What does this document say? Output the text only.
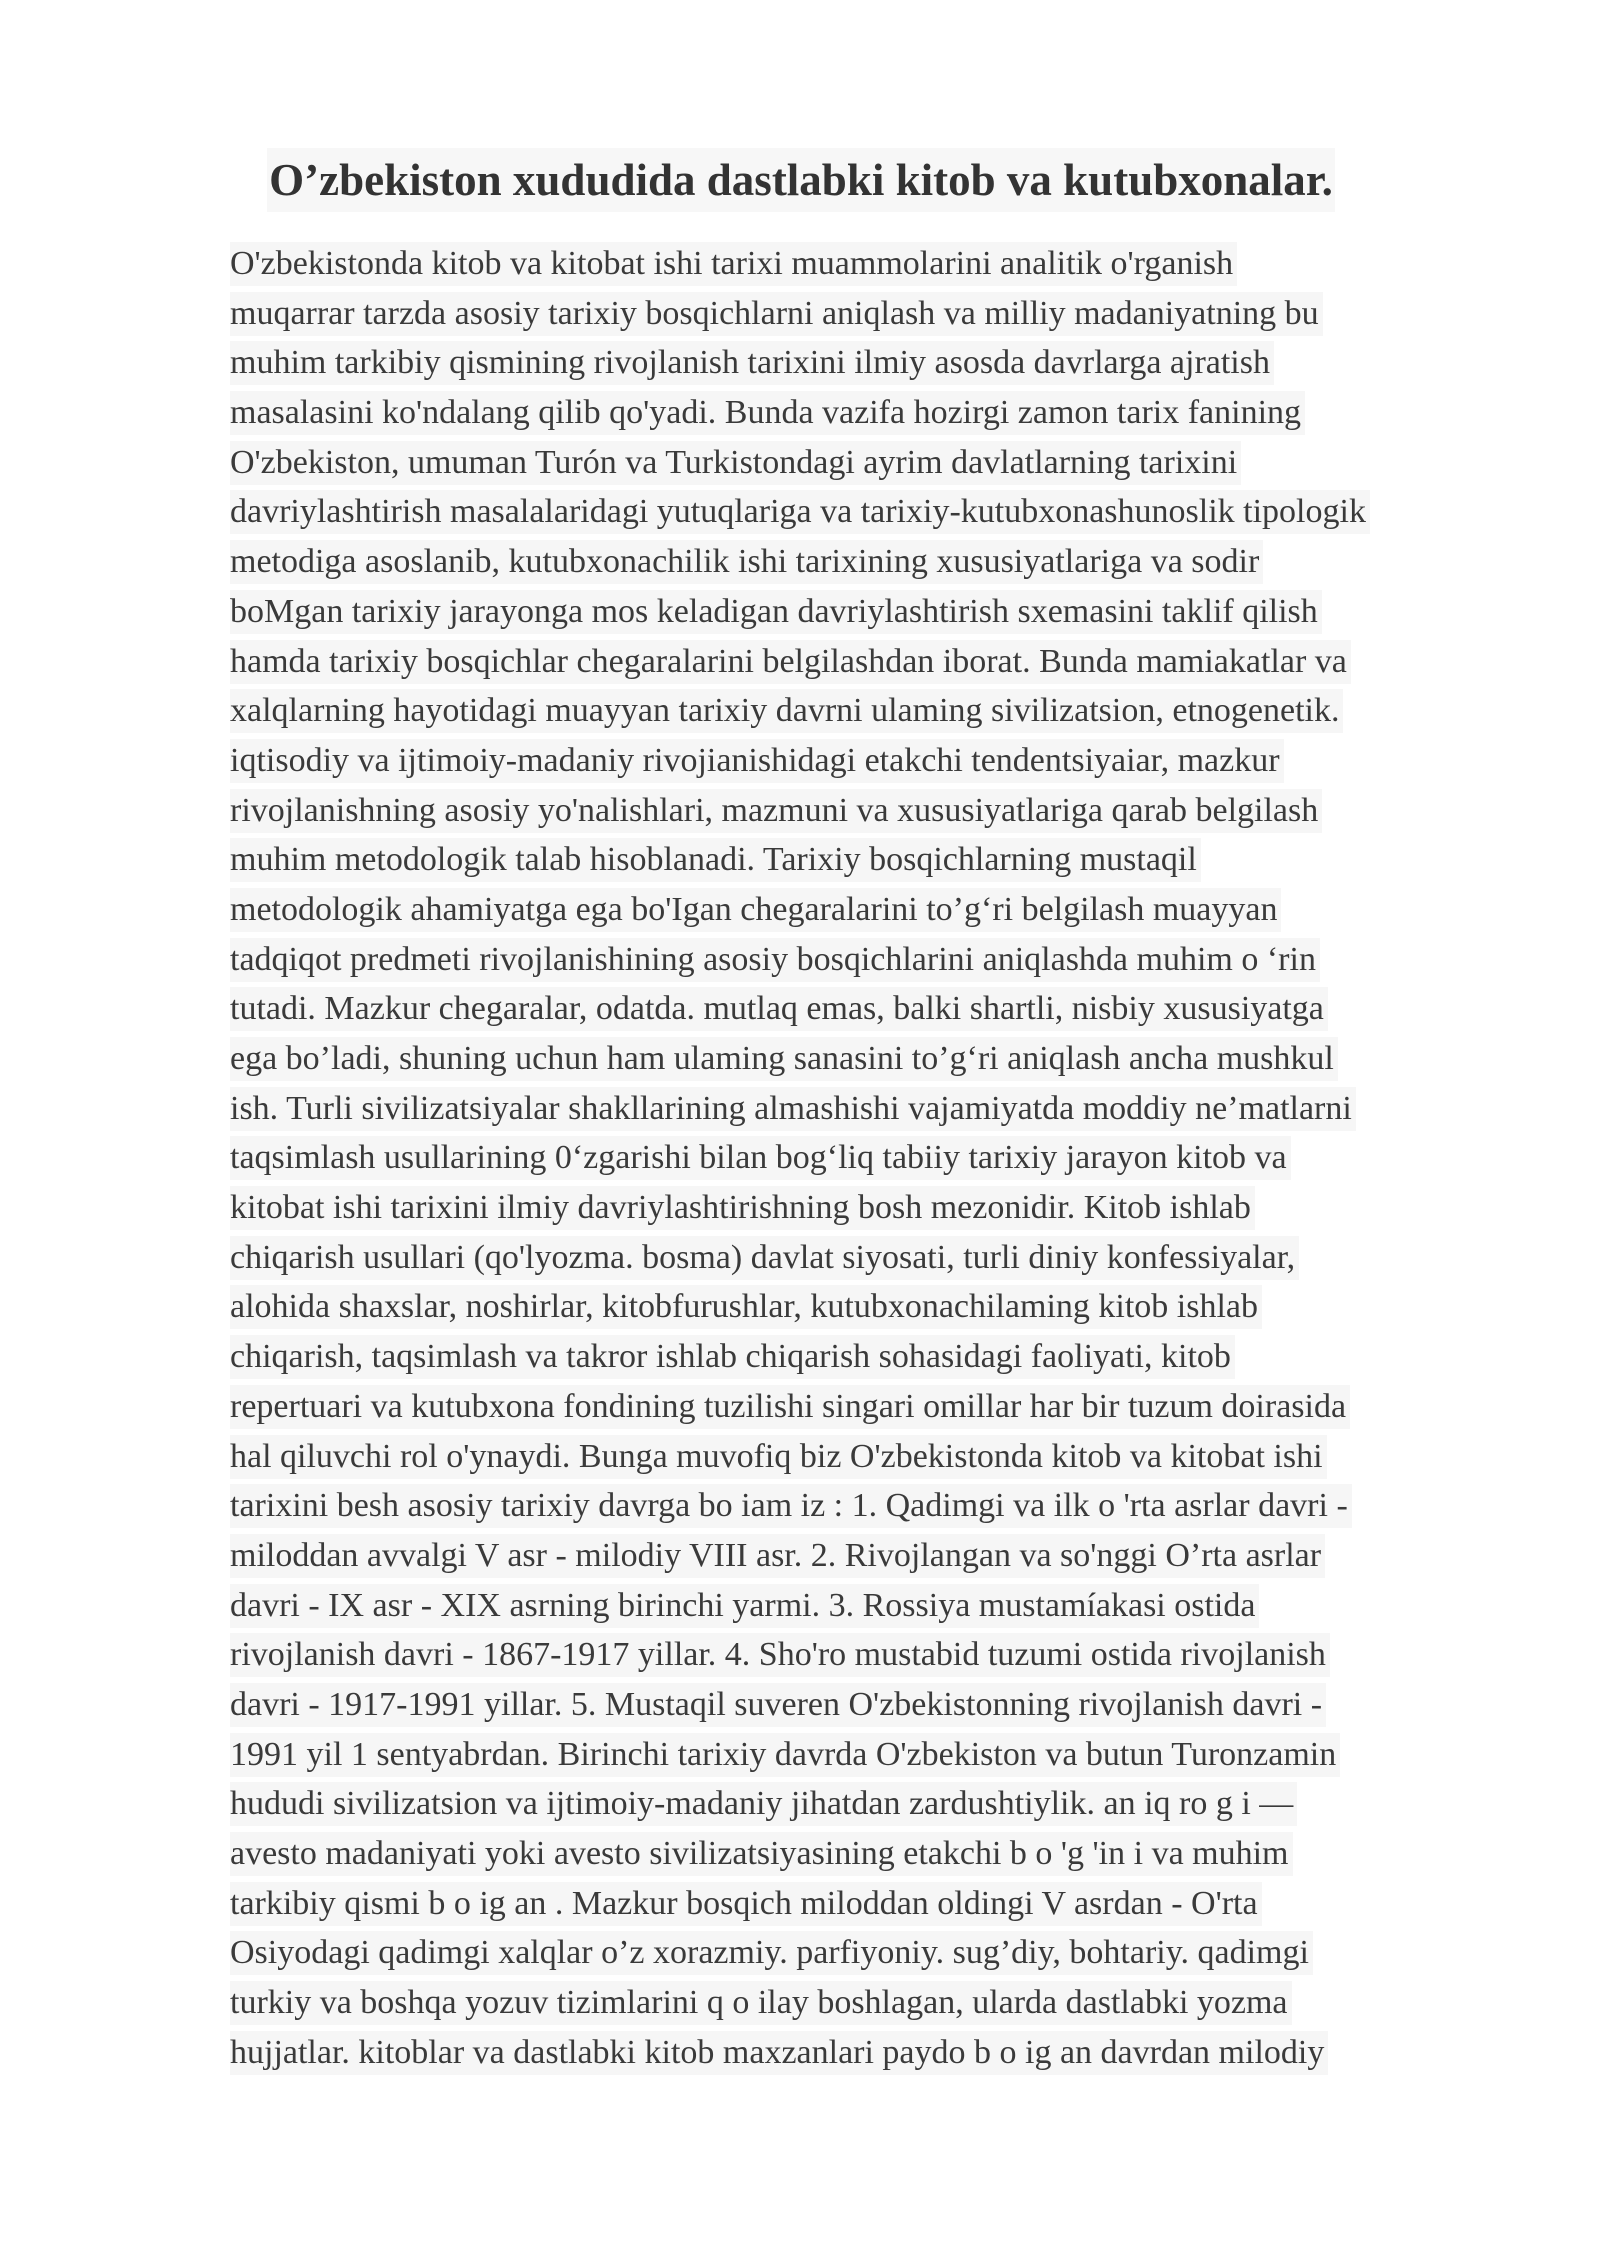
O’zbekiston xududida dastlabki kitob va kutubxonalar.
O'zbekistonda kitob va kitobat ishi tarixi muammolarini analitik o'rganish
muqarrar tarzda asosiy tarixiy bosqichlarni aniqlash va milliy madaniyatning bu
muhim tarkibiy qismining rivojlanish tarixini ilmiy asosda davrlarga ajratish
masalasini ko'ndalang qilib qo'yadi. Bunda vazifa hozirgi zamon tarix fanining
O'zbekiston, umuman Turón va Turkistondagi ayrim davlatlarning tarixini
davriylashtirish masalalaridagi yutuqlariga va tarixiy-kutubxonashunoslik tipologik
metodiga asoslanib, kutubxonachilik ishi tarixining xususiyatlariga va sodir
boMgan tarixiy jarayonga mos keladigan davriylashtirish sxemasini taklif qilish
hamda tarixiy bosqichlar chegaralarini belgilashdan iborat. Bunda mamiakatlar va
xalqlarning hayotidagi muayyan tarixiy davrni ulaming sivilizatsion, etnogenetik.
iqtisodiy va ijtimoiy-madaniy rivojianishidagi etakchi tendentsiyaiar, mazkur
rivojlanishning asosiy yo'nalishlari, mazmuni va xususiyatlariga qarab belgilash
muhim metodologik talab hisoblanadi. Tarixiy bosqichlarning mustaqil
metodologik ahamiyatga ega bo'Igan chegaralarini to’g‘ri belgilash muayyan
tadqiqot predmeti rivojlanishining asosiy bosqichlarini aniqlashda muhim o ‘rin
tutadi. Mazkur chegaralar, odatda. mutlaq emas, balki shartli, nisbiy xususiyatga
ega bo’ladi, shuning uchun ham ulaming sanasini to’g‘ri aniqlash ancha mushkul
ish. Turli sivilizatsiyalar shakllarining almashishi vajamiyatda moddiy ne’matlarni
taqsimlash usullarining 0‘zgarishi bilan bog‘liq tabiiy tarixiy jarayon kitob va
kitobat ishi tarixini ilmiy davriylashtirishning bosh mezonidir. Kitob ishlab
chiqarish usullari (qo'lyozma. bosma) davlat siyosati, turli diniy konfessiyalar,
alohida shaxslar, noshirlar, kitobfurushlar, kutubxonachilaming kitob ishlab
chiqarish, taqsimlash va takror ishlab chiqarish sohasidagi faoliyati, kitob
repertuari va kutubxona fondining tuzilishi singari omillar har bir tuzum doirasida
hal qiluvchi rol o'ynaydi. Bunga muvofiq biz O'zbekistonda kitob va kitobat ishi
tarixini besh asosiy tarixiy davrga bo iam iz : 1. Qadimgi va ilk o 'rta asrlar davri -
miloddan avvalgi V asr - milodiy VIII asr. 2. Rivojlangan va so'nggi O’rta asrlar
davri - IX asr - XIX asrning birinchi yarmi. 3. Rossiya mustamíakasi ostida
rivojlanish davri - 1867-1917 yillar. 4. Sho'ro mustabid tuzumi ostida rivojlanish
davri - 1917-1991 yillar. 5. Mustaqil suveren O'zbekistonning rivojlanish davri -
1991 yil 1 sentyabrdan. Birinchi tarixiy davrda O'zbekiston va butun Turonzamin
hududi sivilizatsion va ijtimoiy-madaniy jihatdan zardushtiylik. an iq ro g i —
avesto madaniyati yoki avesto sivilizatsiyasining etakchi b o 'g 'in i va muhim
tarkibiy qismi b o ig an . Mazkur bosqich miloddan oldingi V asrdan - O'rta
Osiyodagi qadimgi xalqlar o’z xorazmiy. parfiyoniy. sug’diy, bohtariy. qadimgi
turkiy va boshqa yozuv tizimlarini q o ilay boshlagan, ularda dastlabki yozma
hujjatlar. kitoblar va dastlabki kitob maxzanlari paydo b o ig an davrdan milodiy
